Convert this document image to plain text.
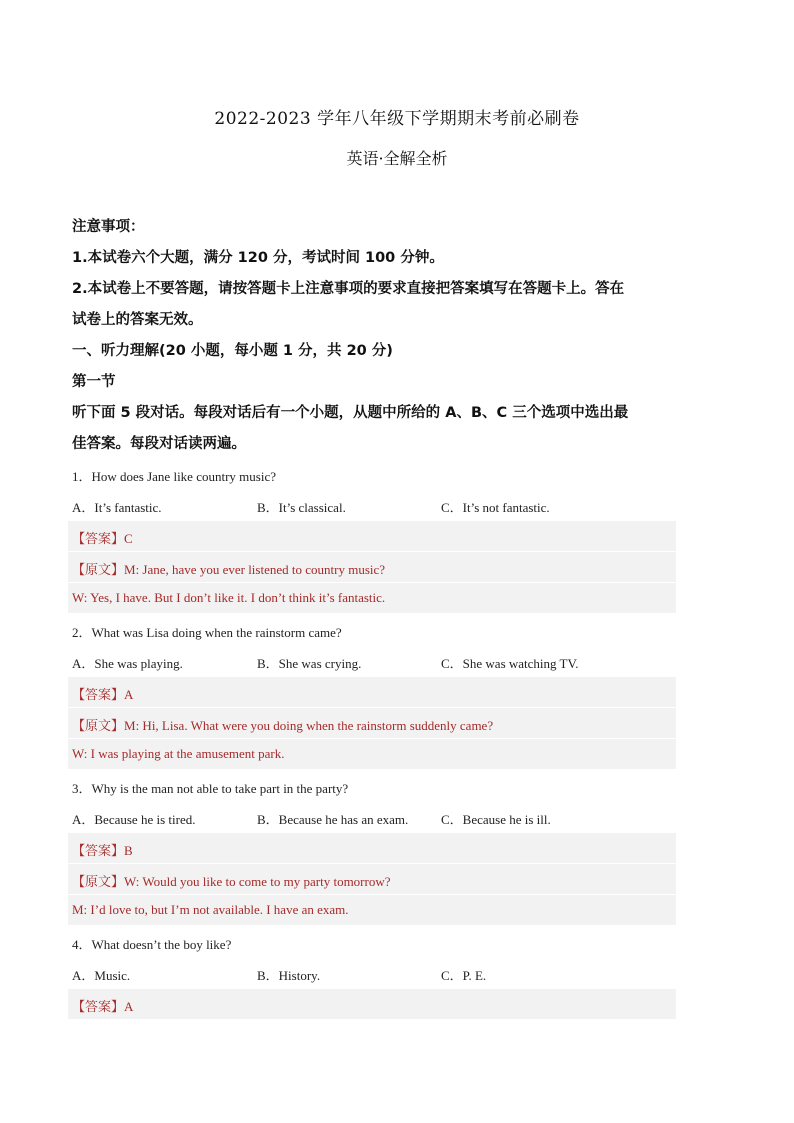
2022-2023 学年八年级下学期期末考前必刷卷
英语·全解全析
注意事项：
1.本试卷六个大题，满分 120 分，考试时间 100 分钟。
2.本试卷上不要答题，请按答题卡上注意事项的要求直接把答案填写在答题卡上。答在
试卷上的答案无效。
一、听力理解(20 小题，每小题 1 分，共 20 分)
第一节
听下面 5 段对话。每段对话后有一个小题，从题中所给的 A、B、C 三个选项中选出最
佳答案。每段对话读两遍。
1．How does Jane like country music?
A．It’s fantastic.	B．It’s classical.	C．It’s not fantastic.
【答案】C
【原文】M: Jane, have you ever listened to country music?
W: Yes, I have. But I don’t like it. I don’t think it’s fantastic.
2．What was Lisa doing when the rainstorm came?
A．She was playing.	B．She was crying.	C．She was watching TV.
【答案】A
【原文】M: Hi, Lisa. What were you doing when the rainstorm suddenly came?
W: I was playing at the amusement park.
3．Why is the man not able to take part in the party?
A．Because he is tired.	B．Because he has an exam.	C．Because he is ill.
【答案】B
【原文】W: Would you like to come to my party tomorrow?
M: I’d love to, but I’m not available. I have an exam.
4．What doesn’t the boy like?
A．Music.	B．History.	C．P. E.
【答案】A
